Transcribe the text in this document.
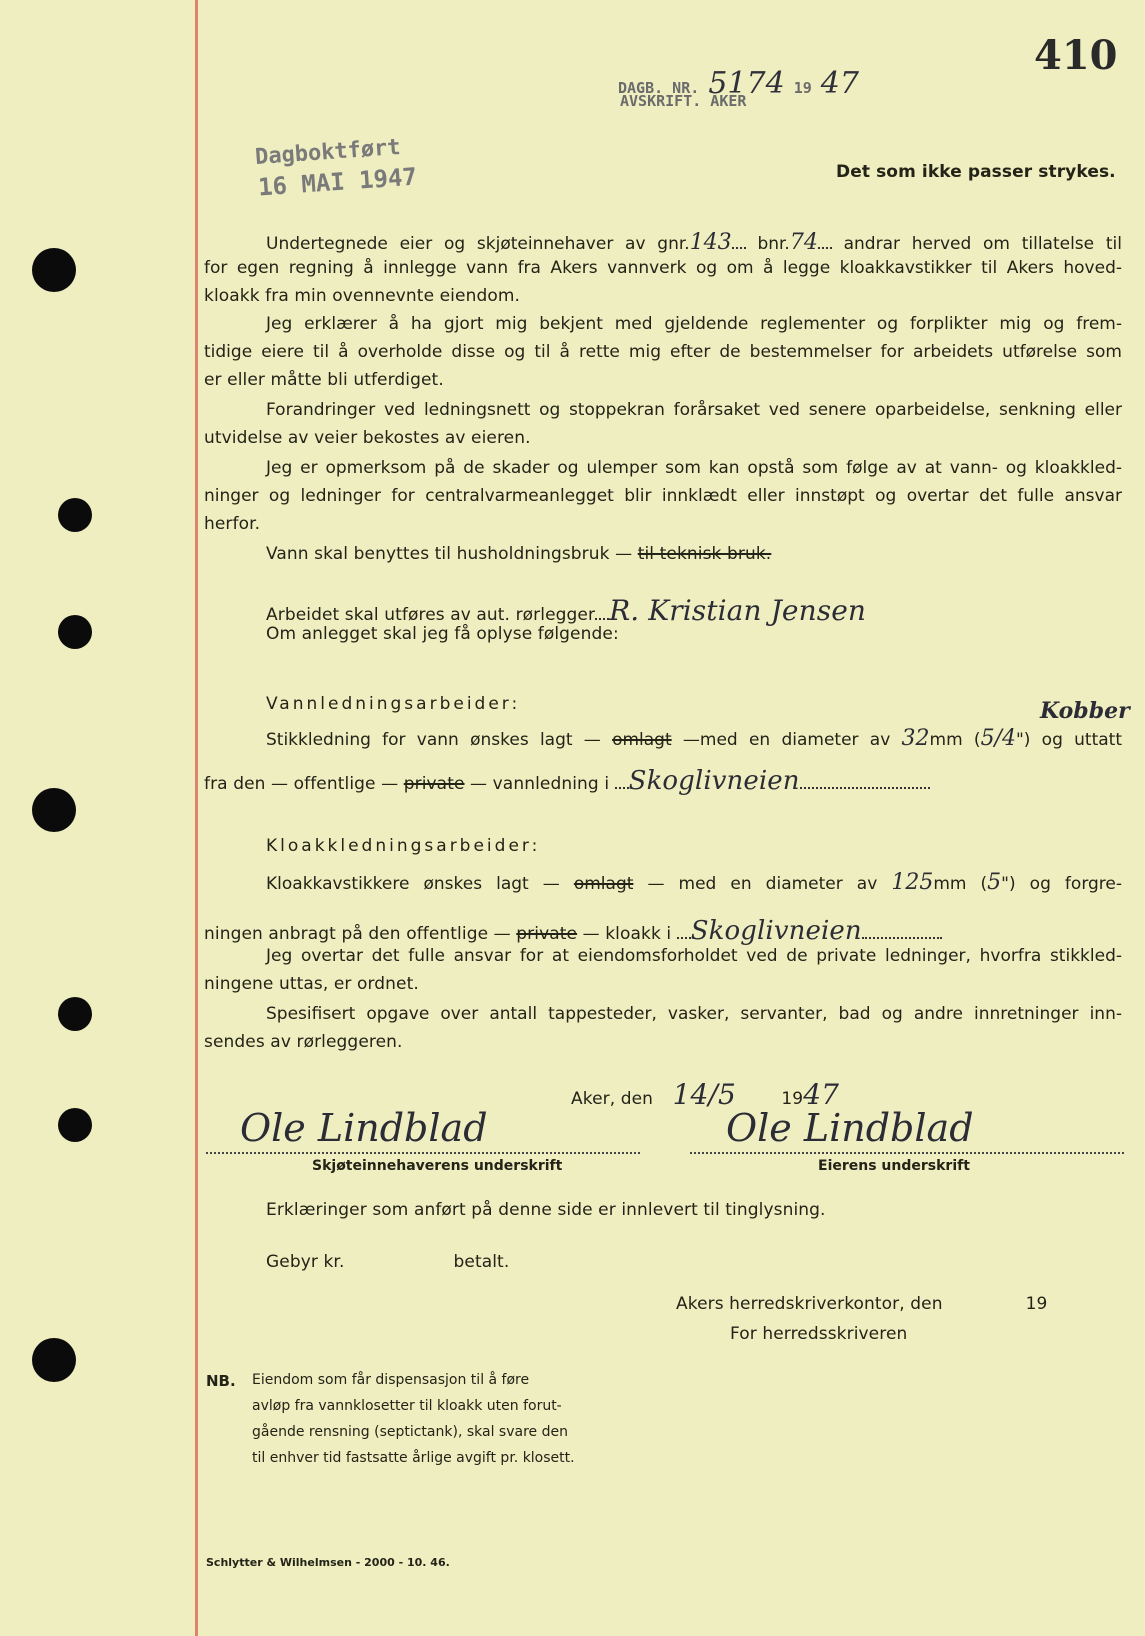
410
DAGB. NR. 5174 19 47
AVSKRIFT. AKER
Dagboktført
16 MAI 1947	Det som ikke passer strykes.
Undertegnede eier og skjøteinnehaver av gnr.143 bnr.74 andrar herved om tillatelse til
for egen regning å innlegge vann fra Akers vannverk og om å legge kloakkavstikker til Akers hoved-
kloakk fra min ovennevnte eiendom.
Jeg erklærer å ha gjort mig bekjent med gjeldende reglementer og forplikter mig og frem-
tidige eiere til å overholde disse og til å rette mig efter de bestemmelser for arbeidets utførelse som
er eller måtte bli utferdiget.
Forandringer ved ledningsnett og stoppekran forårsaket ved senere oparbeidelse, senkning eller
utvidelse av veier bekostes av eieren.
Jeg er opmerksom på de skader og ulemper som kan opstå som følge av at vann- og kloakkled-
ninger og ledninger for centralvarmeanlegget blir innklædt eller innstøpt og overtar det fulle ansvar
herfor.
Vann skal benyttes til husholdningsbruk — til teknisk bruk.
Arbeidet skal utføres av aut. rørlegger R. Kristian Jensen
Om anlegget skal jeg få oplyse følgende:
Vannledningsarbeider:	Kobber
Stikkledning for vann ønskes lagt — omlagt —med en diameter av 32mm (5/4") og uttatt
fra den — offentlige — private — vannledning i Skoglivneien
Kloakkledningsarbeider:
Kloakkavstikkere ønskes lagt — omlagt — med en diameter av 125mm (5") og forgre-
ningen anbragt på den offentlige — private — kloakk i Skoglivneien
Jeg overtar det fulle ansvar for at eiendomsforholdet ved de private ledninger, hvorfra stikkled-
ningene uttas, er ordnet.
Spesifisert opgave over antall tappesteder, vasker, servanter, bad og andre innretninger inn-
sendes av rørleggeren.
Aker, den 14/5	1947
Ole Lindblad
Skjøteinnehaverens underskrift
Ole Lindblad
Eierens underskrift
Erklæringer som anført på denne side er innlevert til tinglysning.
Gebyr kr.	betalt.
Akers herredskriverkontor, den	19
For herredsskriveren
NB. Eiendom som får dispensasjon til å føre
avløp fra vannklosetter til kloakk uten forut-
gående rensning (septictank), skal svare den
til enhver tid fastsatte årlige avgift pr. klosett.
Schlytter & Wilhelmsen - 2000 - 10. 46.
